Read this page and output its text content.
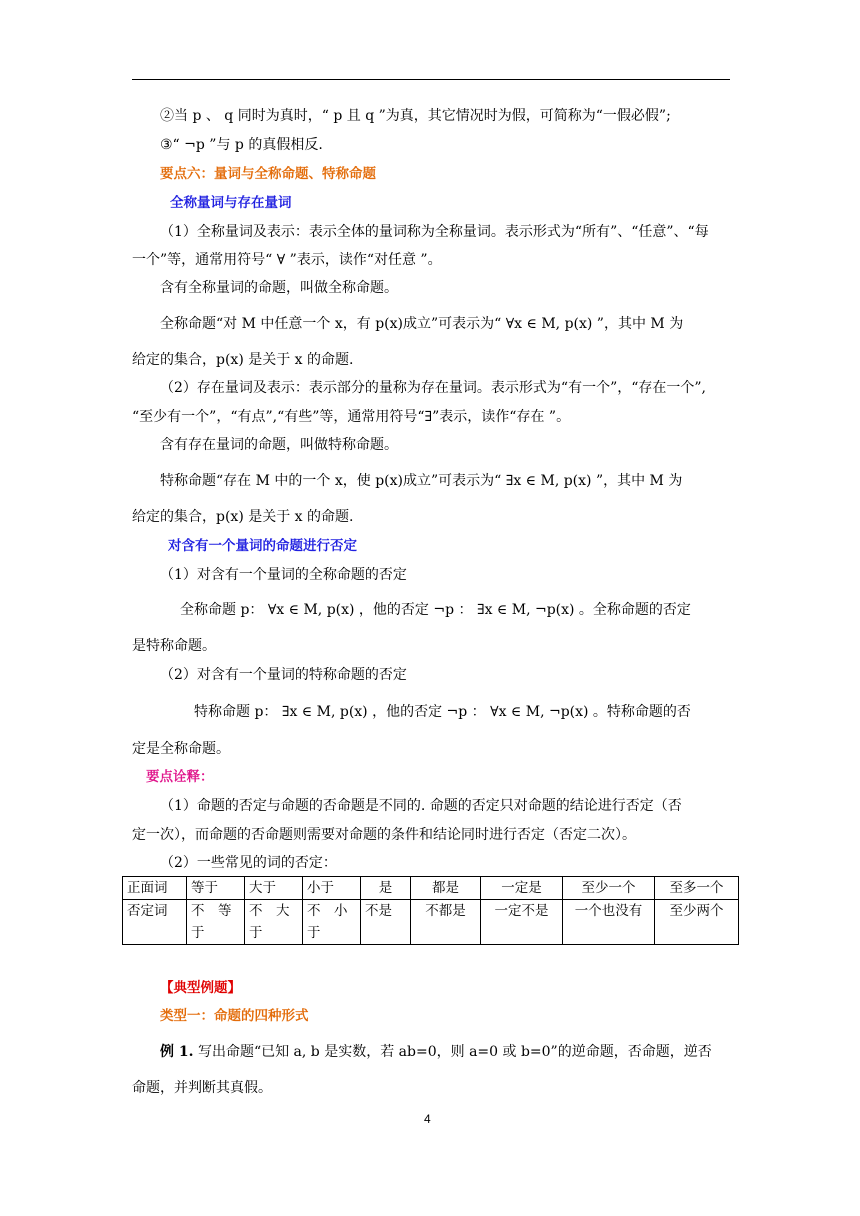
②当 p 、 q 同时为真时，“ p 且 q ”为真，其它情况时为假，可简称为“一假必假”;
③“ ¬p ”与 p 的真假相反.
要点六：量词与全称命题、特称命题
全称量词与存在量词
（1）全称量词及表示：表示全体的量词称为全称量词。表示形式为“所有”、“任意”、“每
一个”等，通常用符号“ ∀ ”表示，读作“对任意 ”。
含有全称量词的命题，叫做全称命题。
全称命题“对 M 中任意一个 x，有 p(x)成立”可表示为“ ∀x ∈ M, p(x) ”，其中 M 为
给定的集合，p(x) 是关于 x 的命题.
（2）存在量词及表示：表示部分的量称为存在量词。表示形式为“有一个”，“存在一个”,
“至少有一个”，“有点”,“有些”等，通常用符号“∃”表示，读作“存在 ”。
含有存在量词的命题，叫做特称命题。
特称命题“存在 M 中的一个 x，使 p(x)成立”可表示为“ ∃x ∈ M, p(x) ”，其中 M 为
给定的集合，p(x) 是关于 x 的命题.
对含有一个量词的命题进行否定
（1）对含有一个量词的全称命题的否定
全称命题 p： ∀x ∈ M, p(x) ，他的否定 ¬p ： ∃x ∈ M, ¬p(x) 。全称命题的否定
是特称命题。
（2）对含有一个量词的特称命题的否定
特称命题 p： ∃x ∈ M, p(x) ，他的否定 ¬p ： ∀x ∈ M, ¬p(x) 。特称命题的否
定是全称命题。
要点诠释：
（1）命题的否定与命题的否命题是不同的. 命题的否定只对命题的结论进行否定（否
定一次），而命题的否命题则需要对命题的条件和结论同时进行否定（否定二次）。
（2）一些常见的词的否定：
正面词	等于	大于	小于	是	都是	一定是	至少一个	至多一个
否定词	不　等于	不　大于	不　小于	不是	不都是	一定不是	一个也没有	至少两个
【典型例题】
类型一：命题的四种形式
例 1. 写出命题“已知 a, b 是实数，若 ab=0，则 a=0 或 b=0”的逆命题，否命题，逆否
命题，并判断其真假。
4
